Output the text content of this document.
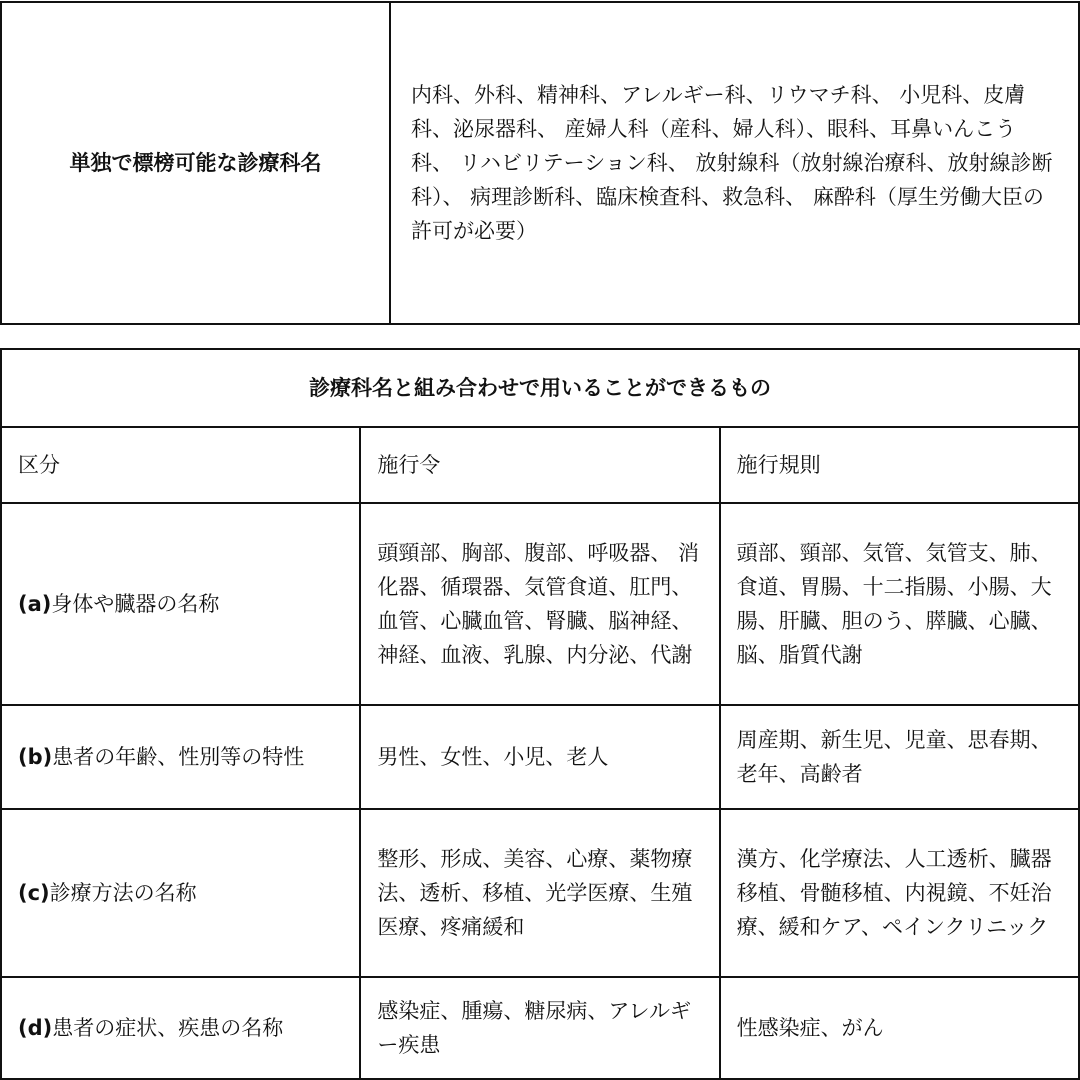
単独で標榜可能な診療科名	内科、外科、精神科、アレルギー科、リウマチ科、 小児科、皮膚科、泌尿器科、 産婦人科（産科、婦人科）、眼科、耳鼻いんこう科、 リハビリテーション科、 放射線科（放射線治療科、放射線診断科）、 病理診断科、臨床検査科、救急科、 麻酔科（厚生労働大臣の許可が必要）
診療科名と組み合わせで用いることができるもの		
区分	施行令	施行規則
(a)身体や臓器の名称	頭頸部、胸部、腹部、呼吸器、 消化器、循環器、気管食道、肛門、 血管、心臓血管、腎臓、脳神経、 神経、血液、乳腺、内分泌、代謝	頭部、頸部、気管、気管支、肺、食道、胃腸、十二指腸、小腸、大腸、肝臓、胆のう、膵臓、心臓、脳、脂質代謝
(b)患者の年齢、性別等の特性	男性、女性、小児、老人	周産期、新生児、児童、思春期、老年、高齢者
(c)診療方法の名称	整形、形成、美容、心療、薬物療法、透析、移植、光学医療、生殖医療、疼痛緩和	漢方、化学療法、人工透析、臓器移植、骨髄移植、内視鏡、不妊治療、緩和ケア、ペインクリニック
(d)患者の症状、疾患の名称	感染症、腫瘍、糖尿病、アレルギー疾患	性感染症、がん
